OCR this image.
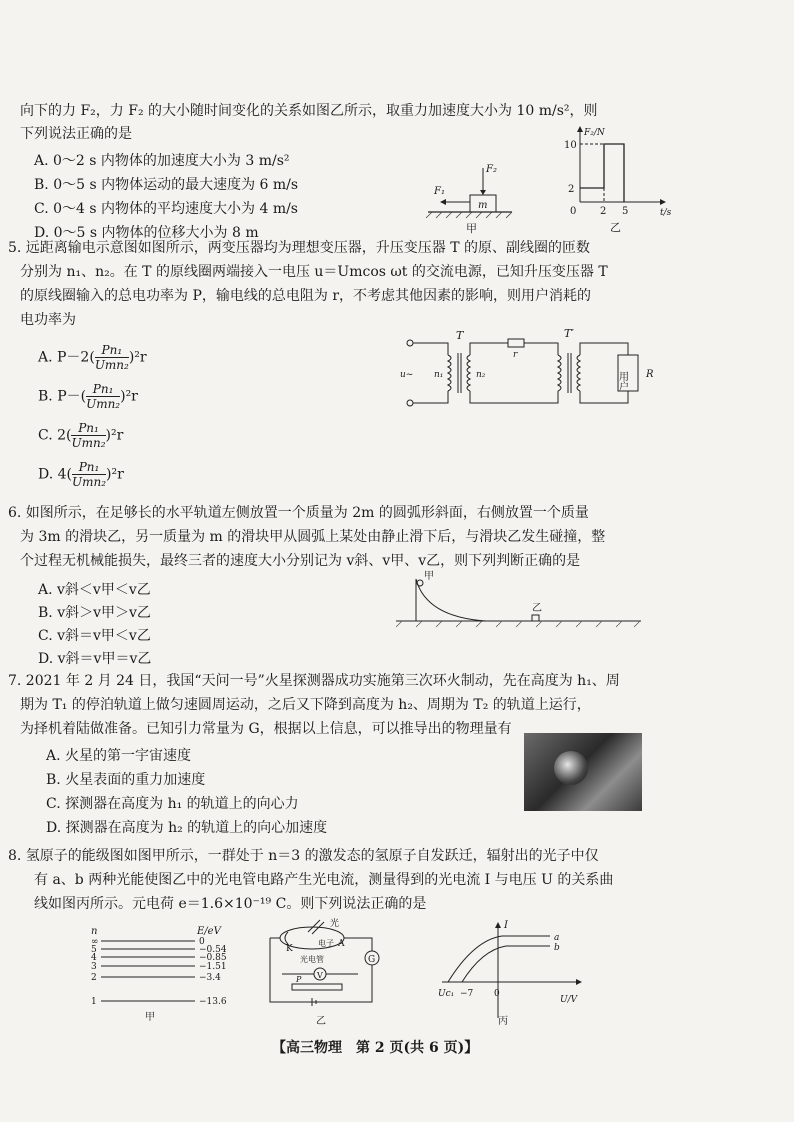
向下的力 F₂，力 F₂ 的大小随时间变化的关系如图乙所示，取重力加速度大小为 10 m/s²，则
下列说法正确的是
A. 0～2 s 内物体的加速度大小为 3 m/s²
B. 0～5 s 内物体运动的最大速度为 6 m/s
C. 0～4 s 内物体的平均速度大小为 4 m/s
D. 0～5 s 内物体的位移大小为 8 m
m
F₁
F₂
甲
F₂/N
t/s
10
2
0 2 5
乙
5. 远距离输电示意图如图所示，两变压器均为理想变压器，升压变压器 T 的原、副线圈的匝数
分别为 n₁、n₂。在 T 的原线圈两端接入一电压 u＝Umcos ωt 的交流电源，已知升压变压器 T
的原线圈输入的总电功率为 P，输电线的总电阻为 r，不考虑其他因素的影响，则用户消耗的
电功率为
A. $P-2( \frac{\text{Pn₁}}{\text{Umn₂}} )^2r$
B. $P-( \frac{\text{Pn₁}}{\text{Umn₂}} )^2r$
C. $2( \frac{\text{Pn₁}}{\text{Umn₂}} )^2r$
D. $4( \frac{\text{Pn₁}}{\text{Umn₂}} )^2r$
u~ n₁	n₂
T
r
T′
用户 R
6. 如图所示，在足够长的水平轨道左侧放置一个质量为 2m 的圆弧形斜面，右侧放置一个质量
为 3m 的滑块乙，另一质量为 m 的滑块甲从圆弧上某处由静止滑下后，与滑块乙发生碰撞，整
个过程无机械能损失，最终三者的速度大小分别记为 v斜、v甲、v乙，则下列判断正确的是
A. v斜＜v甲＜v乙
B. v斜＞v甲＞v乙
C. v斜＝v甲＜v乙
D. v斜＝v甲＝v乙
甲
乙
7. 2021 年 2 月 24 日，我国“天问一号”火星探测器成功实施第三次环火制动，先在高度为 h₁、周
期为 T₁ 的停泊轨道上做匀速圆周运动，之后又下降到高度为 h₂、周期为 T₂ 的轨道上运行，
为择机着陆做准备。已知引力常量为 G，根据以上信息，可以推导出的物理量有
A. 火星的第一宇宙速度
B. 火星表面的重力加速度
C. 探测器在高度为 h₁ 的轨道上的向心力
D. 探测器在高度为 h₂ 的轨道上的向心加速度
8. 氢原子的能级图如图甲所示，一群处于 n＝3 的激发态的氢原子自发跃迁，辐射出的光子中仅
有 a、b 两种光能使图乙中的光电管电路产生光电流，测量得到的光电流 I 与电压 U 的关系曲
线如图丙所示。元电荷 e＝1.6×10⁻¹⁹ C。则下列说法正确的是
n	E/eV
∞	0
5	−0.54
4	−0.85
3	−1.51
2	−3.4
1	−13.6
甲
光
K
电子 A
光电管	G
V
P
乙
I
U/V
a
b
Uc₁ −7 0
丙
【高三物理　第 2 页(共 6 页)】
